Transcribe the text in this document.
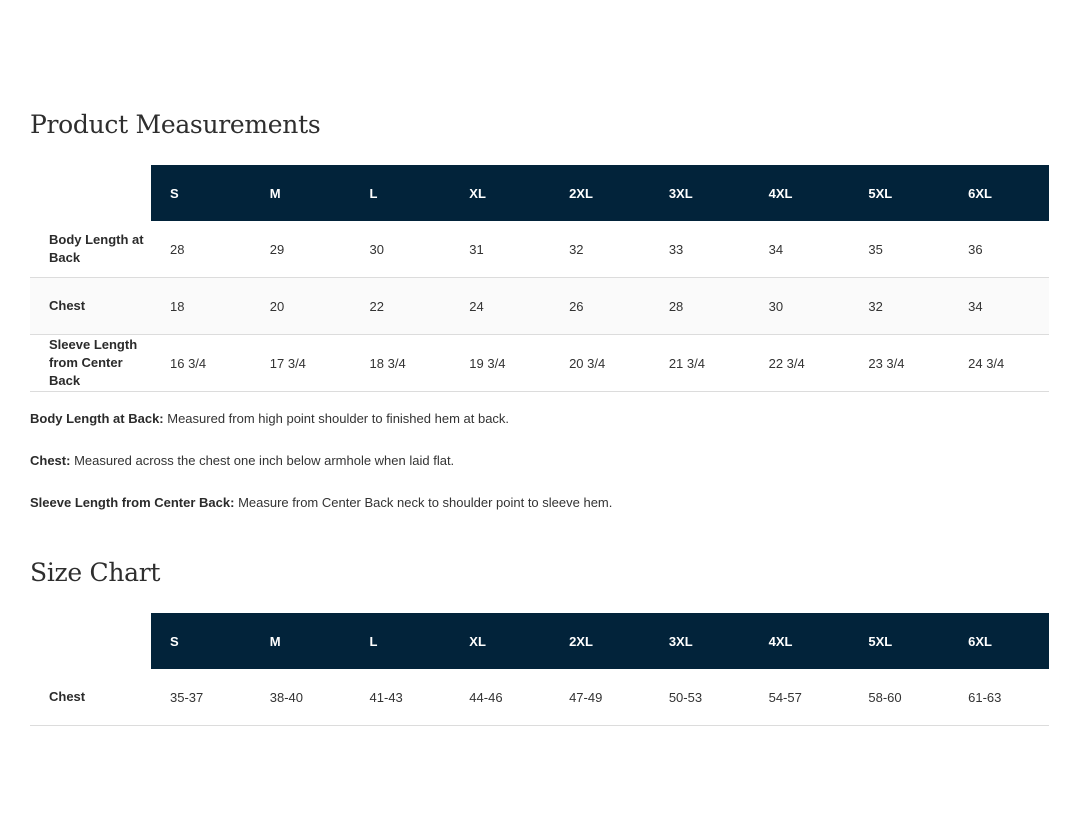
Product Measurements
	S	M	L	XL	2XL	3XL	4XL	5XL	6XL
Body Length at Back	28	29	30	31	32	33	34	35	36
Chest	18	20	22	24	26	28	30	32	34
Sleeve Length from Center Back	16 3/4	17 3/4	18 3/4	19 3/4	20 3/4	21 3/4	22 3/4	23 3/4	24 3/4

Body Length at Back: Measured from high point shoulder to finished hem at back.

Chest: Measured across the chest one inch below armhole when laid flat.

Sleeve Length from Center Back: Measure from Center Back neck to shoulder point to sleeve hem.

Size Chart
	S	M	L	XL	2XL	3XL	4XL	5XL	6XL
Chest	35-37	38-40	41-43	44-46	47-49	50-53	54-57	58-60	61-63
